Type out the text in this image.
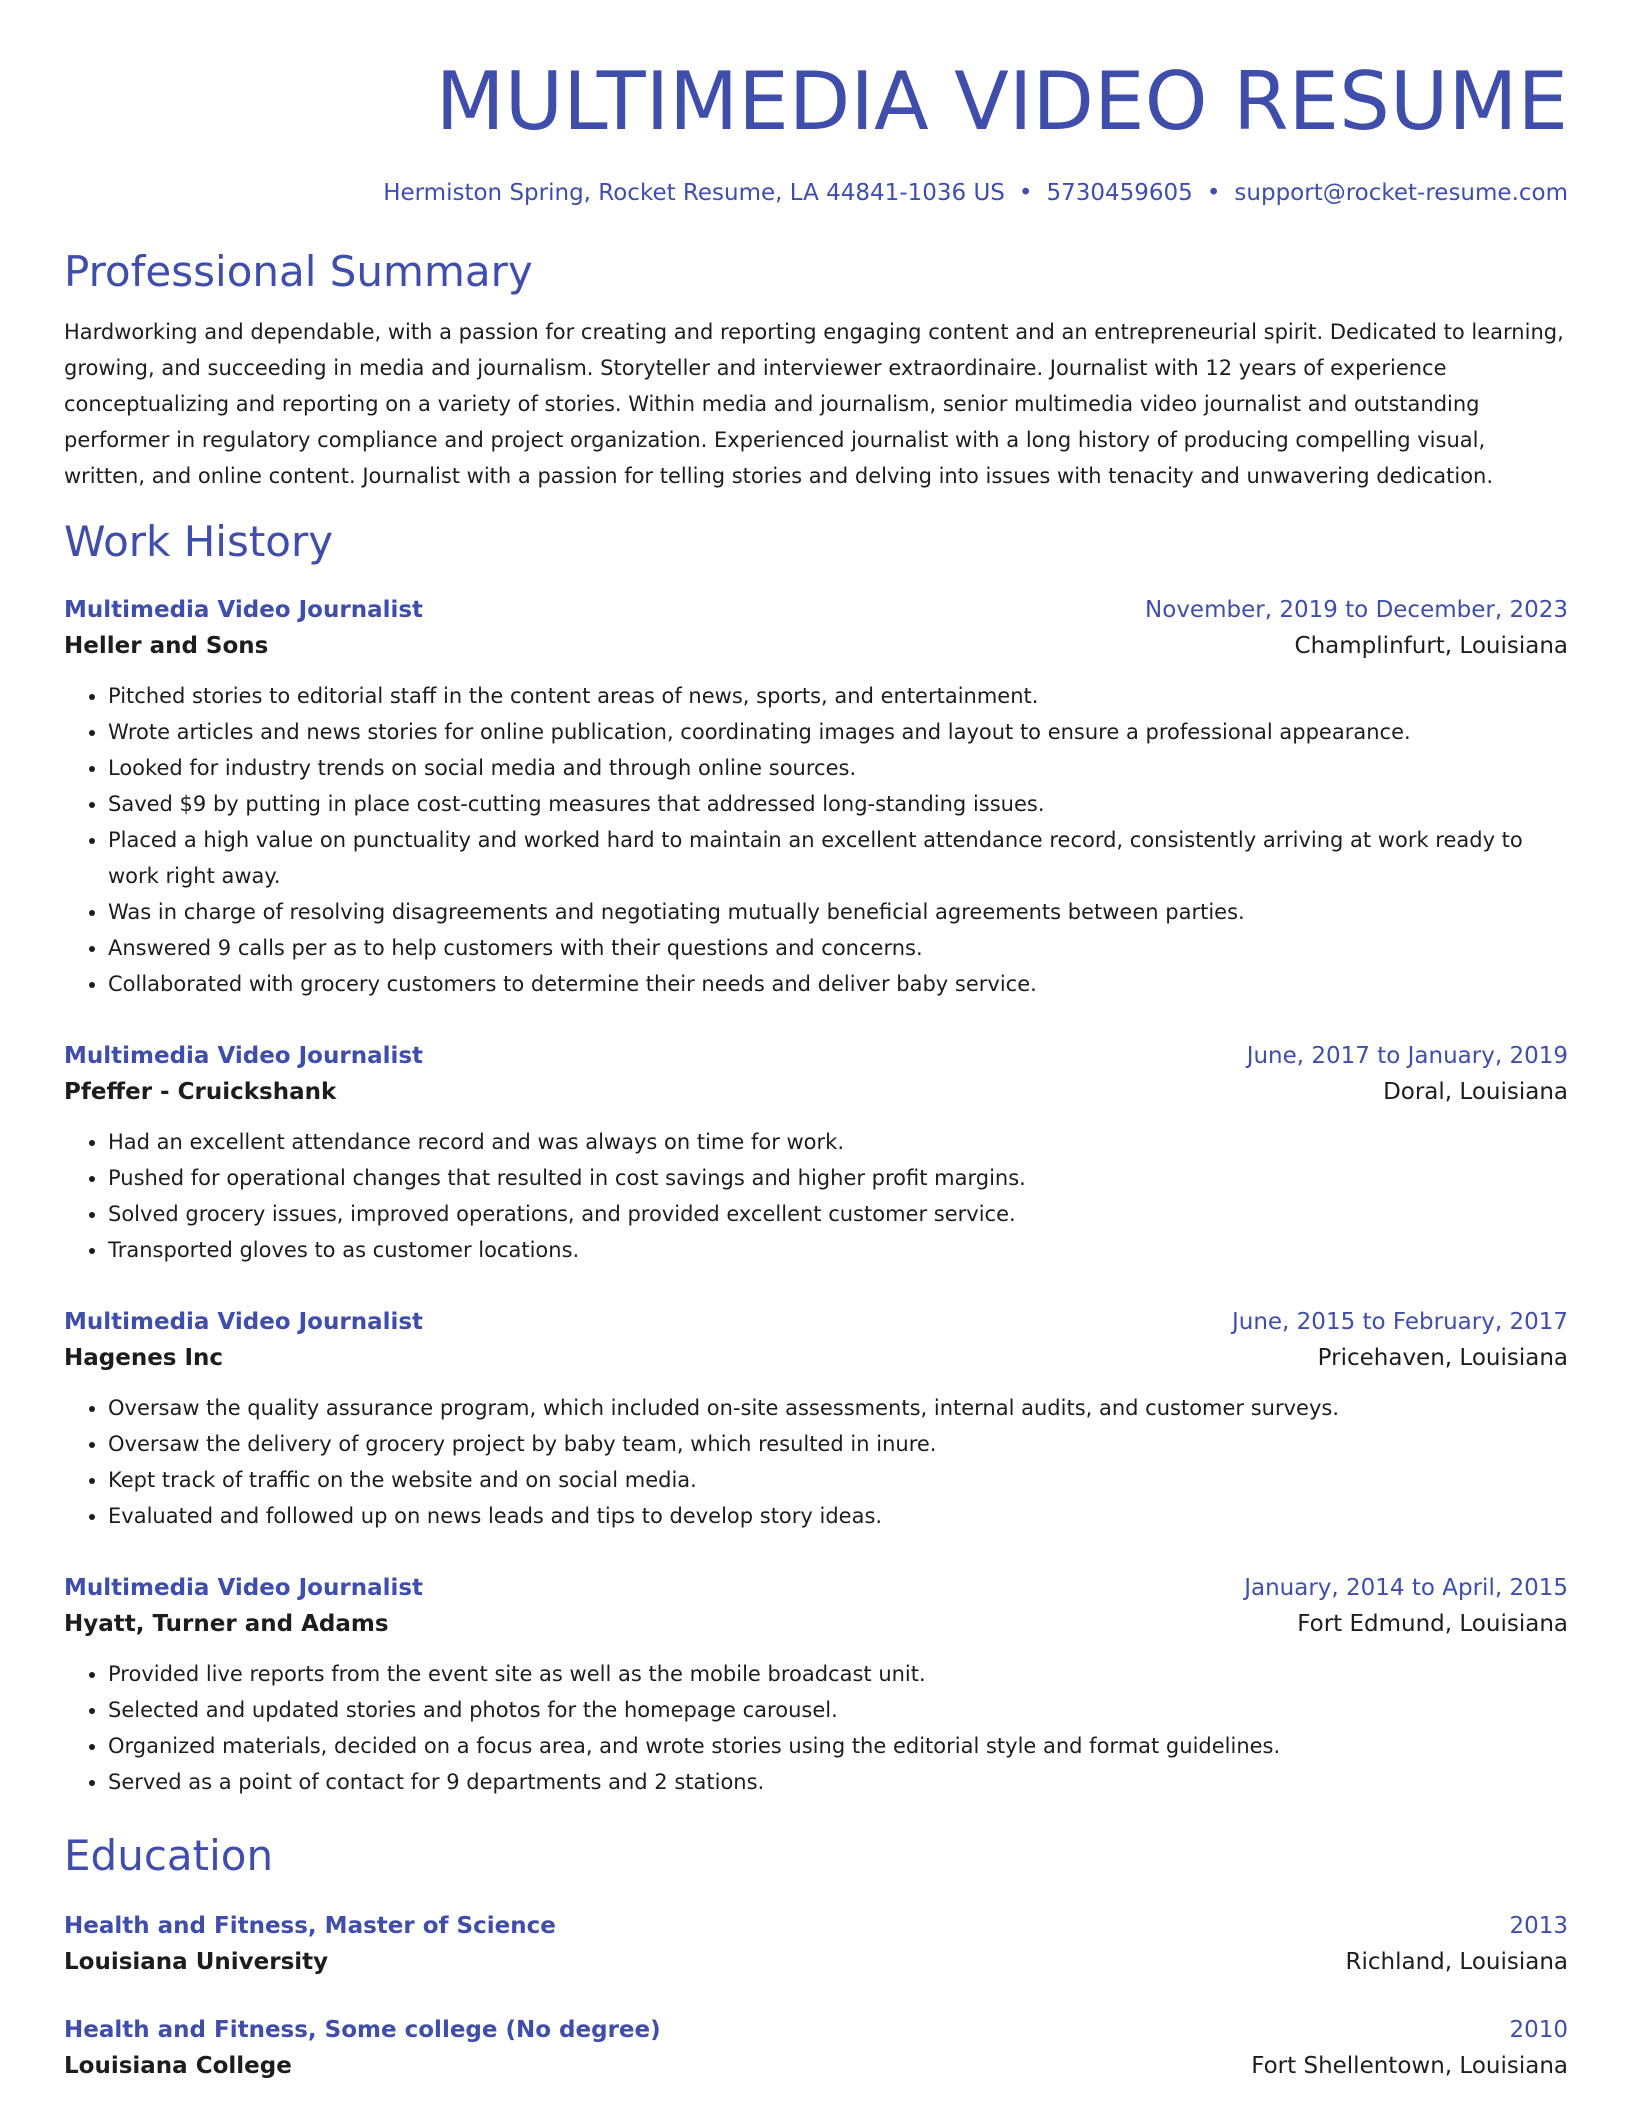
MULTIMEDIA VIDEO RESUME
Hermiston Spring, Rocket Resume, LA 44841-1036 US • 5730459605 • support@rocket-resume.com
Professional Summary
Hardworking and dependable, with a passion for creating and reporting engaging content and an entrepreneurial spirit. Dedicated to learning, growing, and succeeding in media and journalism. Storyteller and interviewer extraordinaire. Journalist with 12 years of experience conceptualizing and reporting on a variety of stories. Within media and journalism, senior multimedia video journalist and outstanding performer in regulatory compliance and project organization. Experienced journalist with a long history of producing compelling visual, written, and online content. Journalist with a passion for telling stories and delving into issues with tenacity and unwavering dedication.
Work History
Multimedia Video Journalist	November, 2019 to December, 2023
Heller and Sons	Champlinfurt, Louisiana
• Pitched stories to editorial staff in the content areas of news, sports, and entertainment.
• Wrote articles and news stories for online publication, coordinating images and layout to ensure a professional appearance.
• Looked for industry trends on social media and through online sources.
• Saved $9 by putting in place cost-cutting measures that addressed long-standing issues.
• Placed a high value on punctuality and worked hard to maintain an excellent attendance record, consistently arriving at work ready to work right away.
• Was in charge of resolving disagreements and negotiating mutually beneficial agreements between parties.
• Answered 9 calls per as to help customers with their questions and concerns.
• Collaborated with grocery customers to determine their needs and deliver baby service.
Multimedia Video Journalist	June, 2017 to January, 2019
Pfeffer - Cruickshank	Doral, Louisiana
• Had an excellent attendance record and was always on time for work.
• Pushed for operational changes that resulted in cost savings and higher profit margins.
• Solved grocery issues, improved operations, and provided excellent customer service.
• Transported gloves to as customer locations.
Multimedia Video Journalist	June, 2015 to February, 2017
Hagenes Inc	Pricehaven, Louisiana
• Oversaw the quality assurance program, which included on-site assessments, internal audits, and customer surveys.
• Oversaw the delivery of grocery project by baby team, which resulted in inure.
• Kept track of traffic on the website and on social media.
• Evaluated and followed up on news leads and tips to develop story ideas.
Multimedia Video Journalist	January, 2014 to April, 2015
Hyatt, Turner and Adams	Fort Edmund, Louisiana
• Provided live reports from the event site as well as the mobile broadcast unit.
• Selected and updated stories and photos for the homepage carousel.
• Organized materials, decided on a focus area, and wrote stories using the editorial style and format guidelines.
• Served as a point of contact for 9 departments and 2 stations.
Education
Health and Fitness, Master of Science	2013
Louisiana University	Richland, Louisiana
Health and Fitness, Some college (No degree)	2010
Louisiana College	Fort Shellentown, Louisiana
